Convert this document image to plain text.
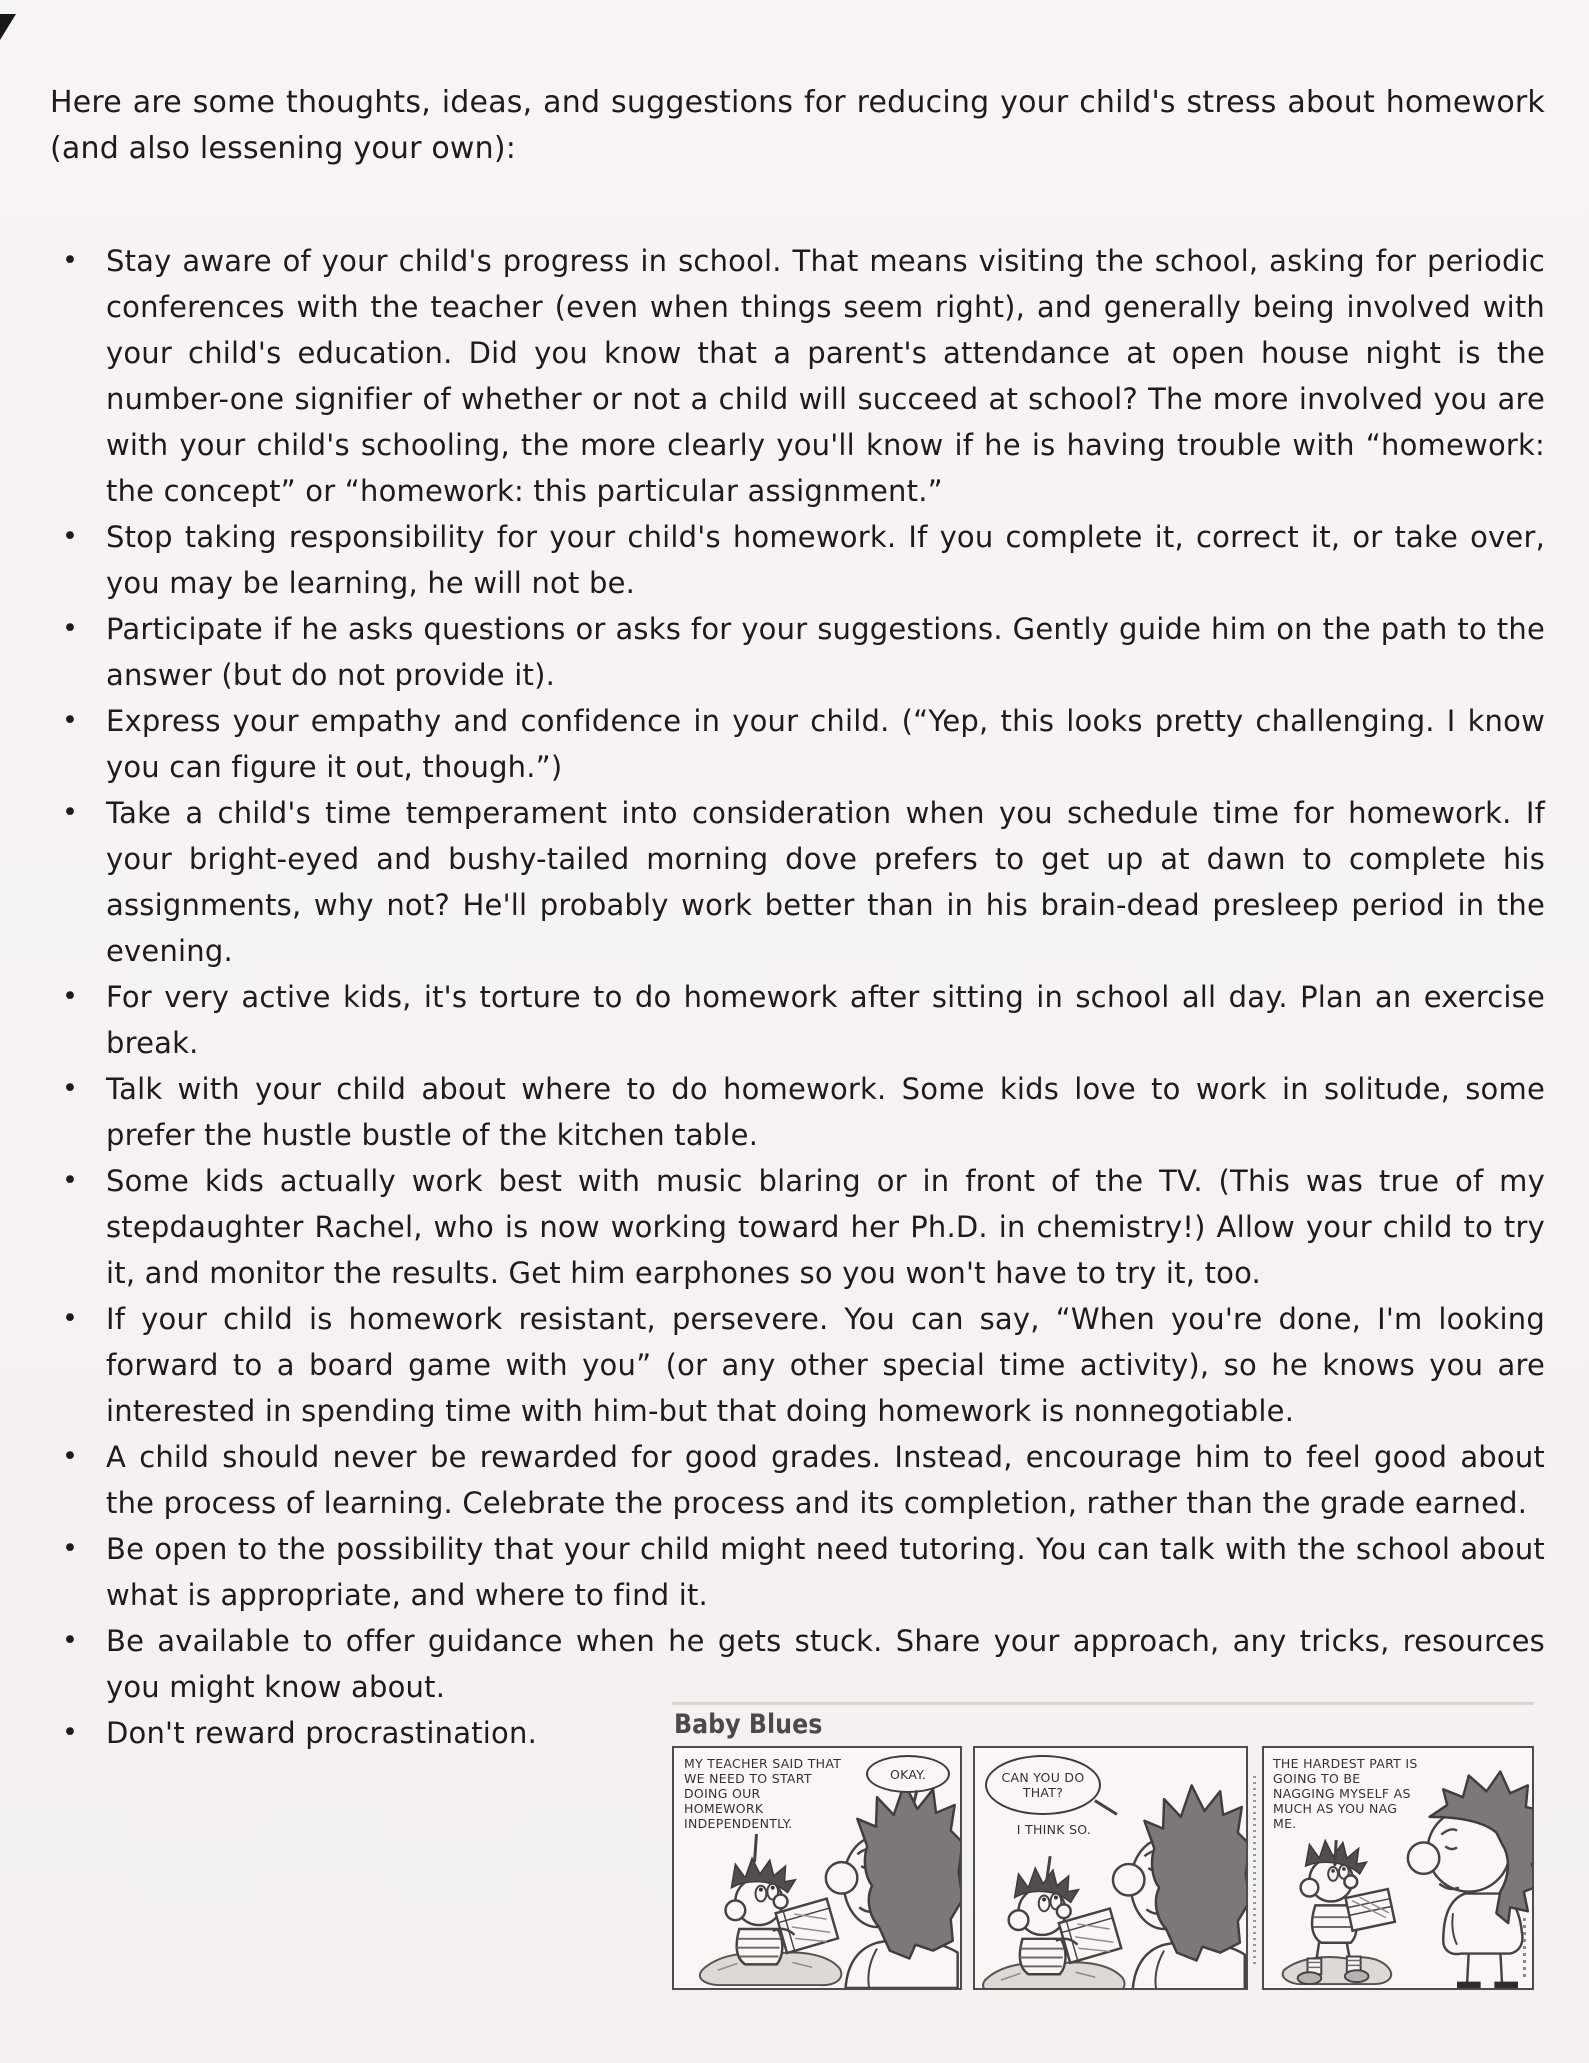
Here are some thoughts, ideas, and suggestions for reducing your child's stress about homework (and also lessening your own):

• Stay aware of your child's progress in school. That means visiting the school, asking for periodic conferences with the teacher (even when things seem right), and generally being involved with your child's education. Did you know that a parent's attendance at open house night is the number-one signifier of whether or not a child will succeed at school? The more involved you are with your child's schooling, the more clearly you'll know if he is having trouble with “homework: the concept” or “homework: this particular assignment.”
• Stop taking responsibility for your child's homework. If you complete it, correct it, or take over, you may be learning, he will not be.
• Participate if he asks questions or asks for your suggestions. Gently guide him on the path to the answer (but do not provide it).
• Express your empathy and confidence in your child. (“Yep, this looks pretty challenging. I know you can figure it out, though.”)
• Take a child's time temperament into consideration when you schedule time for homework. If your bright-eyed and bushy-tailed morning dove prefers to get up at dawn to complete his assignments, why not? He'll probably work better than in his brain-dead presleep period in the evening.
• For very active kids, it's torture to do homework after sitting in school all day. Plan an exercise break.
• Talk with your child about where to do homework. Some kids love to work in solitude, some prefer the hustle bustle of the kitchen table.
• Some kids actually work best with music blaring or in front of the TV. (This was true of my stepdaughter Rachel, who is now working toward her Ph.D. in chemistry!) Allow your child to try it, and monitor the results. Get him earphones so you won't have to try it, too.
• If your child is homework resistant, persevere. You can say, “When you're done, I'm looking forward to a board game with you” (or any other special time activity), so he knows you are interested in spending time with him-but that doing homework is nonnegotiable.
• A child should never be rewarded for good grades. Instead, encourage him to feel good about the process of learning. Celebrate the process and its completion, rather than the grade earned.
• Be open to the possibility that your child might need tutoring. You can talk with the school about what is appropriate, and where to find it.
• Be available to offer guidance when he gets stuck. Share your approach, any tricks, resources you might know about.
• Don't reward procrastination.	Baby Blues
MY TEACHER SAID THAT WE NEED TO START DOING OUR HOMEWORK INDEPENDENTLY.
OKAY.	CAN YOU DO THAT?
I THINK SO.
THE HARDEST PART IS GOING TO BE NAGGING MYSELF AS MUCH AS YOU NAG ME.
